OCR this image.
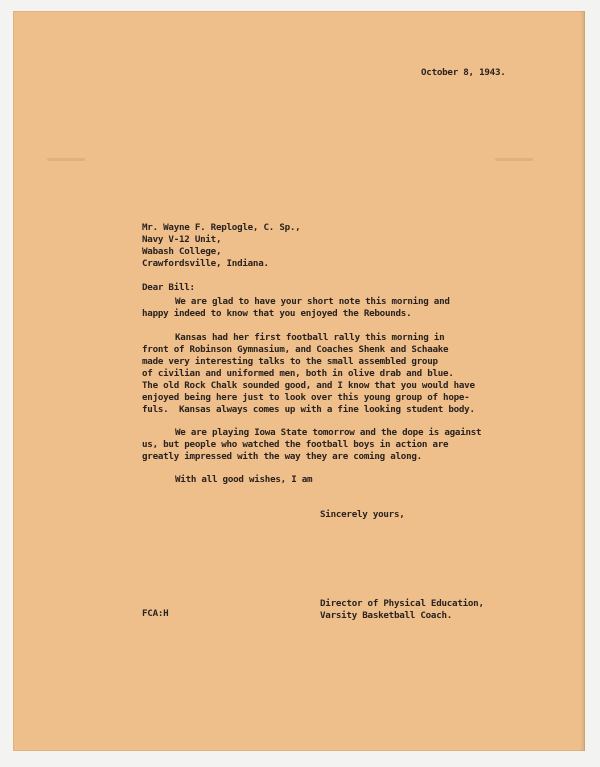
October 8, 1943.
Mr. Wayne F. Replogle, C. Sp.,
Navy V-12 Unit,
Wabash College,
Crawfordsville, Indiana.
Dear Bill:
We are glad to have your short note this morning and
happy indeed to know that you enjoyed the Rebounds.
Kansas had her first football rally this morning in
front of Robinson Gymnasium, and Coaches Shenk and Schaake
made very interesting talks to the small assembled group
of civilian and uniformed men, both in olive drab and blue.
The old Rock Chalk sounded good, and I know that you would have
enjoyed being here just to look over this young group of hope-
fuls.  Kansas always comes up with a fine looking student body.
We are playing Iowa State tomorrow and the dope is against
us, but people who watched the football boys in action are
greatly impressed with the way they are coming along.
With all good wishes, I am
Sincerely yours,
FCA:H
Director of Physical Education,
Varsity Basketball Coach.
